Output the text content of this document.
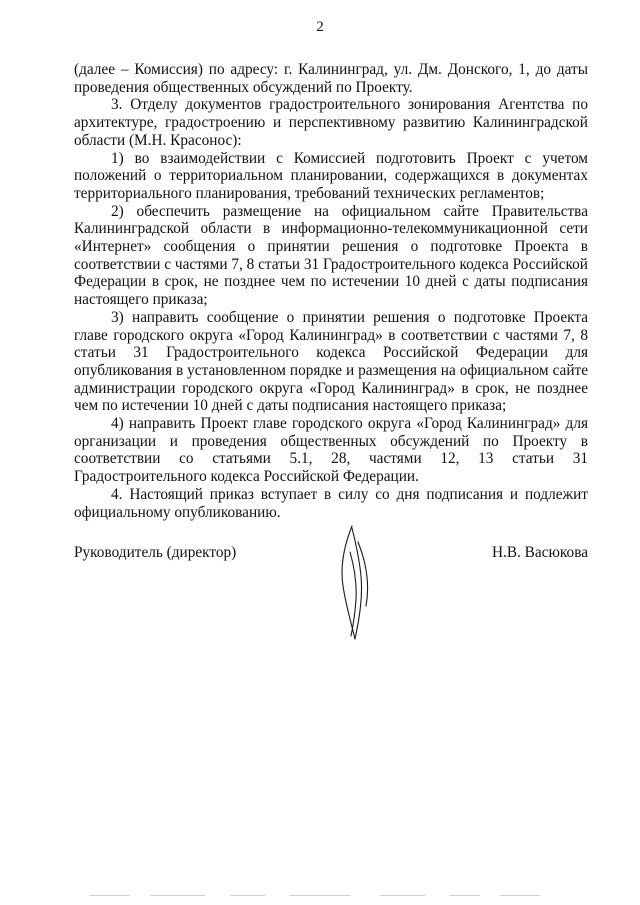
2

(далее – Комиссия) по адресу: г. Калининград, ул. Дм. Донского, 1, до даты проведения общественных обсуждений по Проекту.

3. Отделу документов градостроительного зонирования Агентства по архитектуре, градостроению и перспективному развитию Калининградской области (М.Н. Красонос):

1) во взаимодействии с Комиссией подготовить Проект с учетом положений о территориальном планировании, содержащихся в документах территориального планирования, требований технических регламентов;

2) обеспечить размещение на официальном сайте Правительства Калининградской области в информационно-телекоммуникационной сети «Интернет» сообщения о принятии решения о подготовке Проекта в соответствии с частями 7, 8 статьи 31 Градостроительного кодекса Российской Федерации в срок, не позднее чем по истечении 10 дней с даты подписания настоящего приказа;

3) направить сообщение о принятии решения о подготовке Проекта главе городского округа «Город Калининград» в соответствии с частями 7, 8 статьи 31 Градостроительного кодекса Российской Федерации для опубликования в установленном порядке и размещения на официальном сайте администрации городского округа «Город Калининград» в срок, не позднее чем по истечении 10 дней с даты подписания настоящего приказа;

4) направить Проект главе городского округа «Город Калининград» для организации и проведения общественных обсуждений по Проекту в соответствии со статьями 5.1, 28, частями 12, 13 статьи 31 Градостроительного кодекса Российской Федерации.

4. Настоящий приказ вступает в силу со дня подписания и подлежит официальному опубликованию.

Руководитель (директор)	Н.В. Васюкова
